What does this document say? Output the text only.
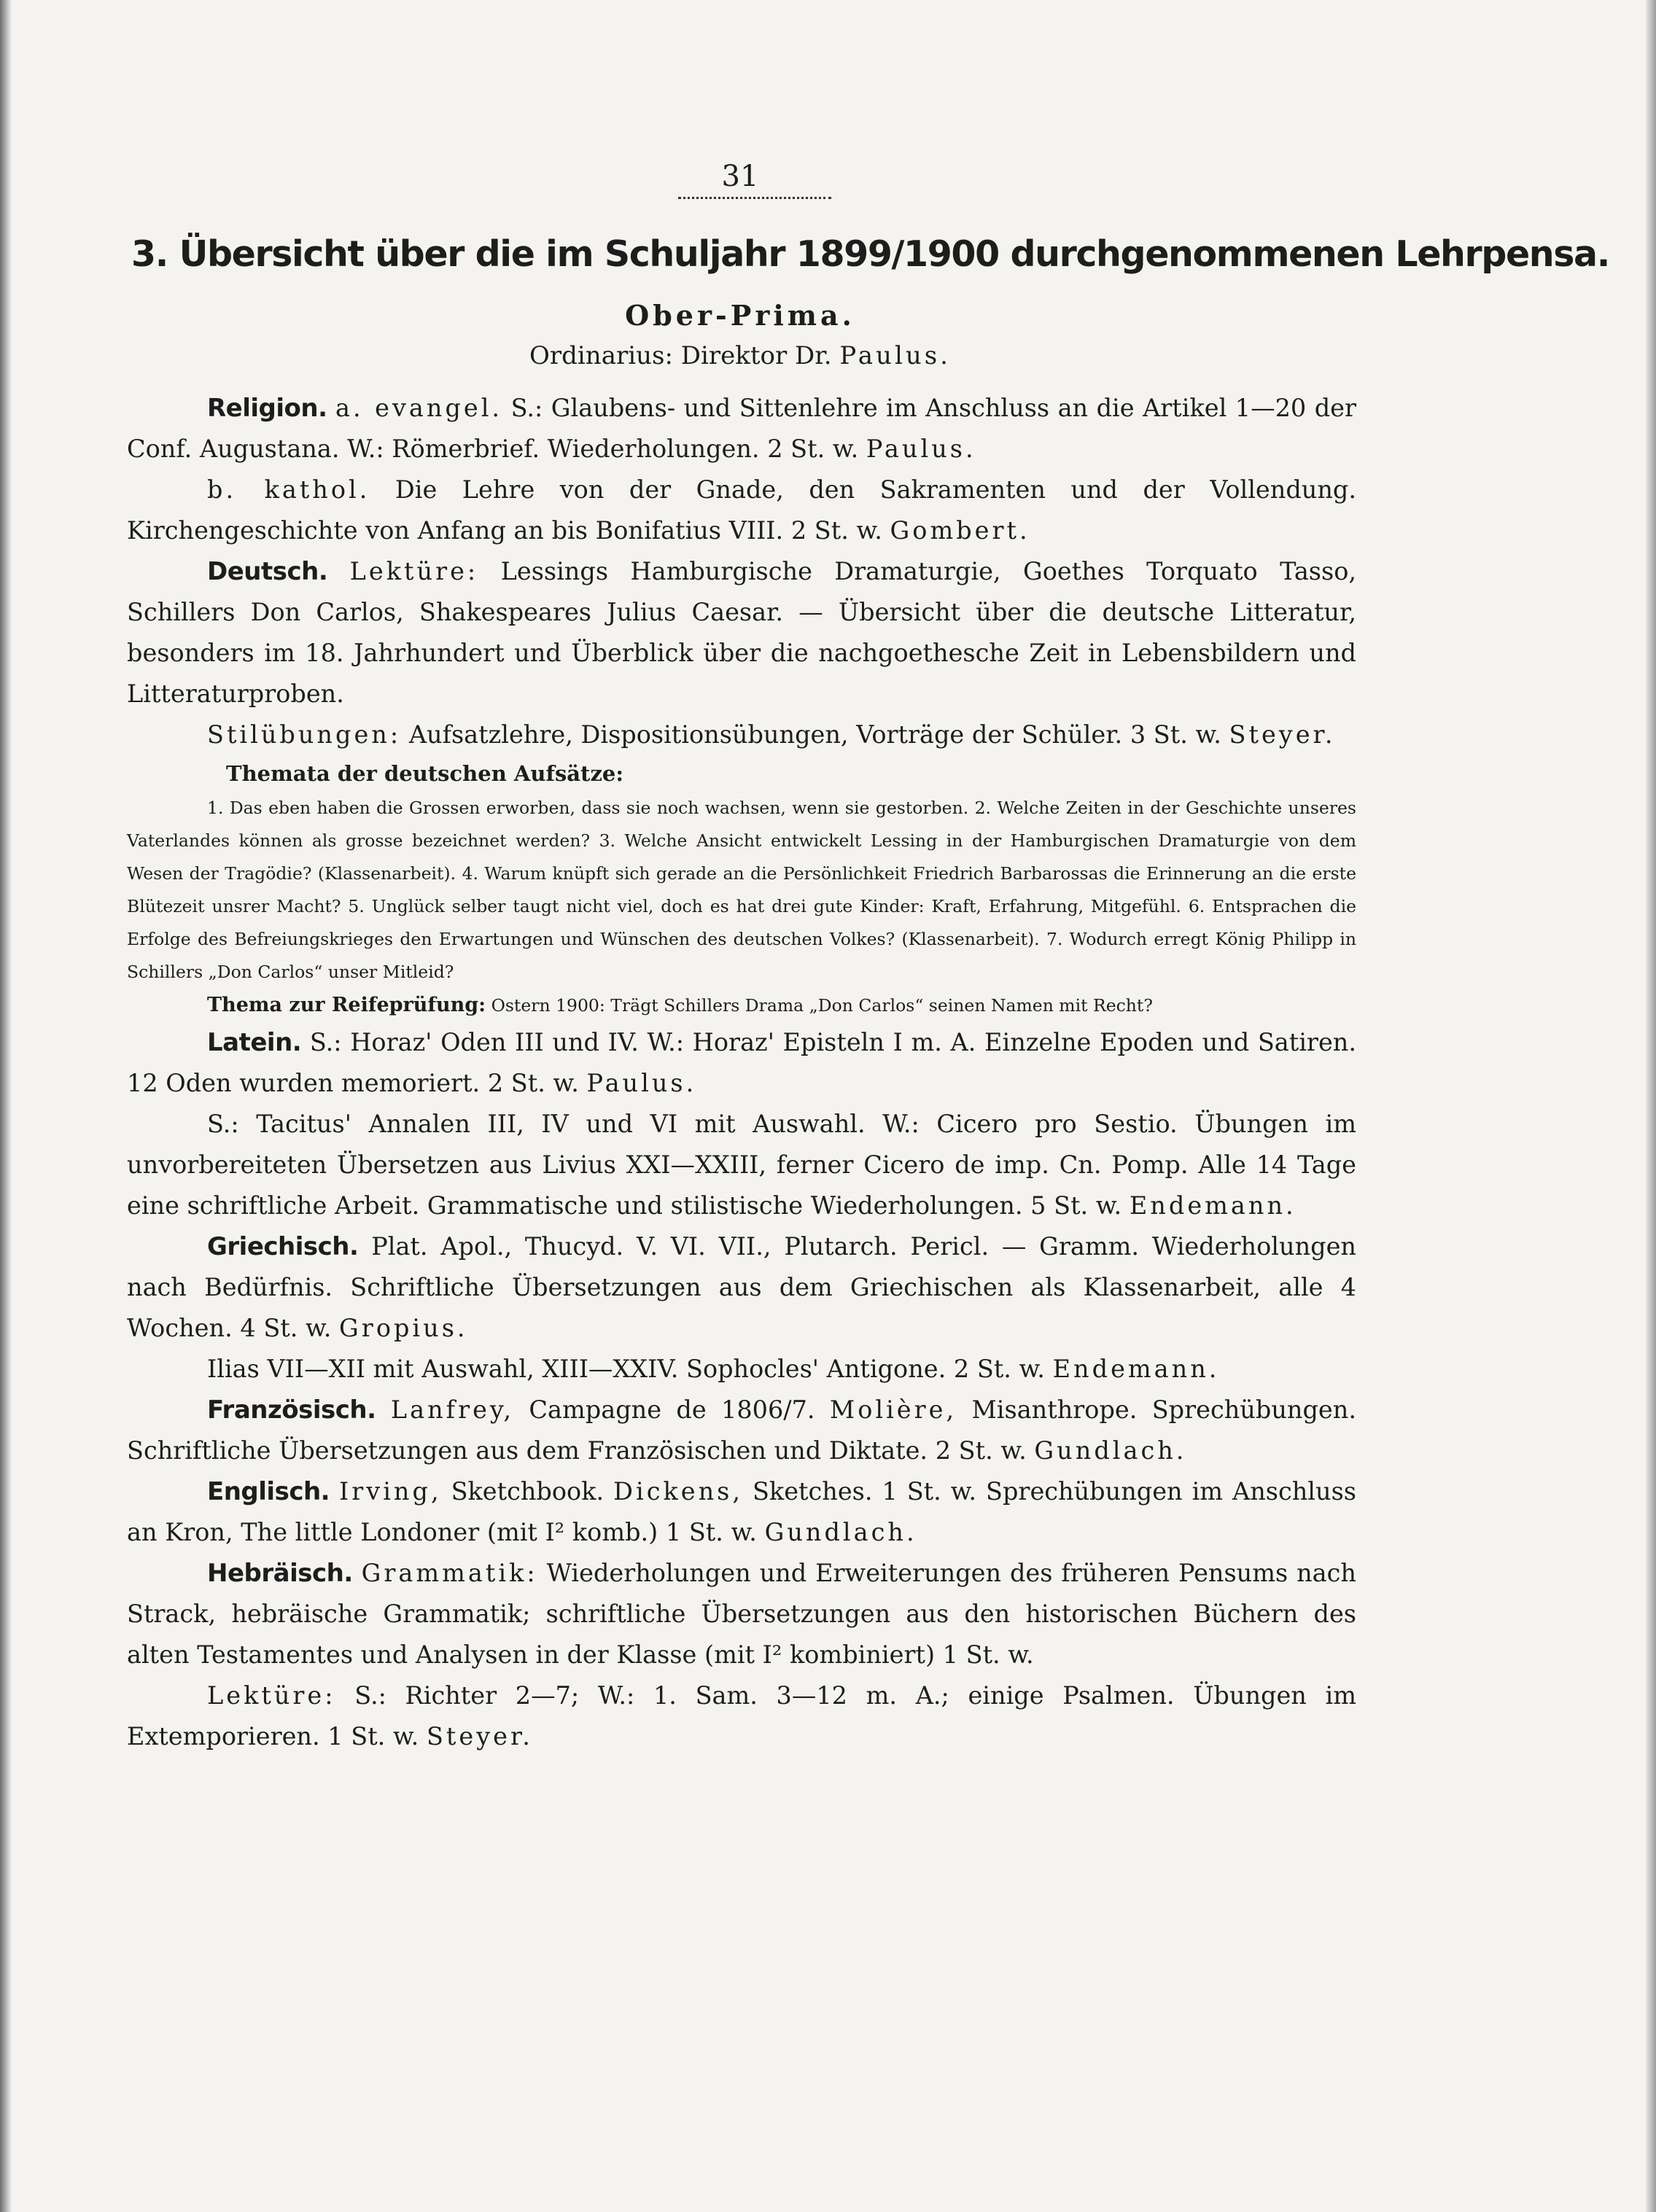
31
3. Übersicht über die im Schuljahr 1899/1900 durchgenommenen Lehrpensa.
Ober-Prima.
Ordinarius: Direktor Dr. Paulus.

Religion. a. evangel. S.: Glaubens- und Sittenlehre im Anschluss an die Artikel 1—20 der Conf. Augustana. W.: Römerbrief. Wiederholungen. 2 St. w. Paulus.

b. kathol. Die Lehre von der Gnade, den Sakramenten und der Vollendung. Kirchengeschichte von Anfang an bis Bonifatius VIII. 2 St. w. Gombert.

Deutsch. Lektüre: Lessings Hamburgische Dramaturgie, Goethes Torquato Tasso, Schillers Don Carlos, Shakespeares Julius Caesar. — Übersicht über die deutsche Litteratur, besonders im 18. Jahrhundert und Überblick über die nachgoethesche Zeit in Lebensbildern und Litteraturproben.

Stilübungen: Aufsatzlehre, Dispositionsübungen, Vorträge der Schüler. 3 St. w. Steyer.

Themata der deutschen Aufsätze:

1. Das eben haben die Grossen erworben, dass sie noch wachsen, wenn sie gestorben. 2. Welche Zeiten in der Geschichte unseres Vaterlandes können als grosse bezeichnet werden? 3. Welche Ansicht entwickelt Lessing in der Hamburgischen Dramaturgie von dem Wesen der Tragödie? (Klassenarbeit). 4. Warum knüpft sich gerade an die Persönlichkeit Friedrich Barbarossas die Erinnerung an die erste Blütezeit unsrer Macht? 5. Unglück selber taugt nicht viel, doch es hat drei gute Kinder: Kraft, Erfahrung, Mitgefühl. 6. Entsprachen die Erfolge des Befreiungskrieges den Erwartungen und Wünschen des deutschen Volkes? (Klassenarbeit). 7. Wodurch erregt König Philipp in Schillers „Don Carlos“ unser Mitleid?

Thema zur Reifeprüfung: Ostern 1900: Trägt Schillers Drama „Don Carlos“ seinen Namen mit Recht?

Latein. S.: Horaz' Oden III und IV. W.: Horaz' Episteln I m. A. Einzelne Epoden und Satiren. 12 Oden wurden memoriert. 2 St. w. Paulus.

S.: Tacitus' Annalen III, IV und VI mit Auswahl. W.: Cicero pro Sestio. Übungen im unvorbereiteten Übersetzen aus Livius XXI—XXIII, ferner Cicero de imp. Cn. Pomp. Alle 14 Tage eine schriftliche Arbeit. Grammatische und stilistische Wiederholungen. 5 St. w. Endemann.

Griechisch. Plat. Apol., Thucyd. V. VI. VII., Plutarch. Pericl. — Gramm. Wiederholungen nach Bedürfnis. Schriftliche Übersetzungen aus dem Griechischen als Klassenarbeit, alle 4 Wochen. 4 St. w. Gropius.

Ilias VII—XII mit Auswahl, XIII—XXIV. Sophocles' Antigone. 2 St. w. Endemann.

Französisch. Lanfrey, Campagne de 1806/7. Molière, Misanthrope. Sprechübungen. Schriftliche Übersetzungen aus dem Französischen und Diktate. 2 St. w. Gundlach.

Englisch. Irving, Sketchbook. Dickens, Sketches. 1 St. w. Sprechübungen im Anschluss an Kron, The little Londoner (mit I² komb.) 1 St. w. Gundlach.

Hebräisch. Grammatik: Wiederholungen und Erweiterungen des früheren Pensums nach Strack, hebräische Grammatik; schriftliche Übersetzungen aus den historischen Büchern des alten Testamentes und Analysen in der Klasse (mit I² kombiniert) 1 St. w.

Lektüre: S.: Richter 2—7; W.: 1. Sam. 3—12 m. A.; einige Psalmen. Übungen im Extemporieren. 1 St. w. Steyer.
